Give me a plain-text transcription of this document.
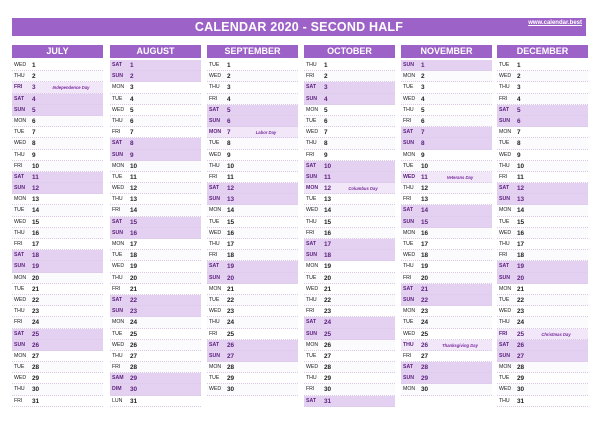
CALENDAR 2020 - SECOND HALF	www.calendar.best
JULY
WED 1
THU 2
FRI 3	Independence Day
SAT 4
SUN 5
MON 6
TUE 7
WED 8
THU 9
FRI 10
SAT 11
SUN 12
MON 13
TUE 14
WED 15
THU 16
FRI 17
SAT 18
SUN 19
MON 20
TUE 21
WED 22
THU 23
FRI 24
SAT 25
SUN 26
MON 27
TUE 28
WED 29
THU 30
FRI 31
AUGUST
SAT 1
SUN 2
MON 3
TUE 4
WED 5
THU 6
FRI 7
SAT 8
SUN 9
MON 10
TUE 11
WED 12
THU 13
FRI 14
SAT 15
SUN 16
MON 17
TUE 18
WED 19
THU 20
FRI 21
SAT 22
SUN 23
MON 24
TUE 25
WED 26
THU 27
FRI 28
SAM 29
DIM 30
LUN 31
SEPTEMBER
TUE 1
WED 2
THU 3
FRI 4
SAT 5
SUN 6
MON 7	Labor Day
TUE 8
WED 9
THU 10
FRI 11
SAT 12
SUN 13
MON 14
TUE 15
WED 16
THU 17
FRI 18
SAT 19
SUN 20
MON 21
TUE 22
WED 23
THU 24
FRI 25
SAT 26
SUN 27
MON 28
TUE 29
WED 30
OCTOBER
THU 1
FRI 2
SAT 3
SUN 4
MON 5
TUE 6
WED 7
THU 8
FRI 9
SAT 10
SUN 11
MON 12	Columbus Day
TUE 13
WED 14
THU 15
FRI 16
SAT 17
SUN 18
MON 19
TUE 20
WED 21
THU 22
FRI 23
SAT 24
SUN 25
MON 26
TUE 27
WED 28
THU 29
FRI 30
SAT 31
NOVEMBER
SUN 1
MON 2
TUE 3
WED 4
THU 5
FRI 6
SAT 7
SUN 8
MON 9
TUE 10
WED 11	Veterans Day
THU 12
FRI 13
SAT 14
SUN 15
MON 16
TUE 17
WED 18
THU 19
FRI 20
SAT 21
SUN 22
MON 23
TUE 24
WED 25
THU 26	Thanksgiving Day
FRI 27
SAT 28
SUN 29
MON 30
DECEMBER
TUE 1
WED 2
THU 3
FRI 4
SAT 5
SUN 6
MON 7
TUE 8
WED 9
THU 10
FRI 11
SAT 12
SUN 13
MON 14
TUE 15
WED 16
THU 17
FRI 18
SAT 19
SUN 20
MON 21
TUE 22
WED 23
THU 24
FRI 25	Christmas Day
SAT 26
SUN 27
MON 28
TUE 29
WED 30
THU 31
